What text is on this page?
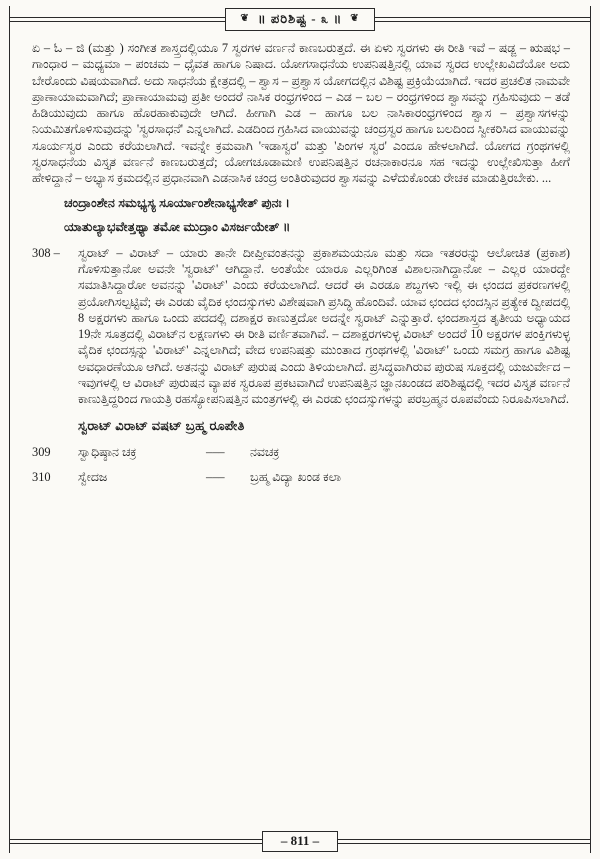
❦ ॥ ಪರಿಶಿಷ್ಟ - ೩ ॥ ❦

ಏ – ಓ – ಜಿ (ಮತ್ತು ) ಸಂಗೀತ ಶಾಸ್ತ್ರದಲ್ಲಿಯೂ 7 ಸ್ವರಗಳ ವರ್ಣನೆ ಕಾಣಬರುತ್ತದೆ. ಈ ಏಳು ಸ್ವರಗಳು ಈ ರೀತಿ ಇವೆ – ಷಡ್ಜ – ಋಷಭ – ಗಾಂಧಾರ – ಮಧ್ಯಮಾ – ಪಂಚಮ – ಧೈವತ ಹಾಗೂ ನಿಷಾದ. ಯೋಗಸಾಧನೆಯ ಉಪನಿಷತ್ತಿನಲ್ಲಿ ಯಾವ ಸ್ವರದ ಉಲ್ಲೇಖವಿದೆಯೋ ಅದು ಬೇರೊಂದು ವಿಷಯವಾಗಿದೆ. ಅದು ಸಾಧನೆಯ ಕ್ಷೇತ್ರದಲ್ಲಿ – ಶ್ವಾಸ – ಪ್ರಶ್ವಾಸ ಯೋಗದಲ್ಲಿನ ವಿಶಿಷ್ಟ ಪ್ರಕ್ರಿಯೆಯಾಗಿದೆ. ಇದರ ಪ್ರಚಲಿತ ನಾಮವೇ ಪ್ರಾಣಾಯಾಮವಾಗಿದೆ; ಪ್ರಾಣಾಯಾಮವು ಪ್ರತೀ ಅಂದರೆ ನಾಸಿಕ ರಂಧ್ರಗಳಿಂದ – ಎಡ – ಬಲ – ರಂಧ್ರಗಳಿಂದ ಶ್ವಾಸವನ್ನು ಗ್ರಹಿಸುವುದು – ತಡೆ ಹಿಡಿಯುವುದು ಹಾಗೂ ಹೊರಹಾಕುವುದೇ ಆಗಿದೆ. ಹೀಗಾಗಿ ಎಡ – ಹಾಗೂ ಬಲ ನಾಸಿಕಾರಂಧ್ರಗಳಿಂದ ಶ್ವಾಸ – ಪ್ರಶ್ವಾಸಗಳನ್ನು ನಿಯಮಿತಗೊಳಿಸುವುದನ್ನು 'ಸ್ವರಸಾಧನೆ' ಎನ್ನಲಾಗಿದೆ. ಎಡದಿಂದ ಗ್ರಹಿಸಿದ ವಾಯುವನ್ನು ಚಂದ್ರಸ್ವರ ಹಾಗೂ ಬಲದಿಂದ ಸ್ವೀಕರಿಸಿದ ವಾಯುವನ್ನು ಸೂರ್ಯಸ್ವರ ಎಂದು ಕರೆಯಲಾಗಿದೆ. ಇವನ್ನೇ ಕ್ರಮವಾಗಿ 'ಇಡಾಸ್ವರ' ಮತ್ತು 'ಪಿಂಗಳ ಸ್ವರ' ಎಂದೂ ಹೇಳಲಾಗಿದೆ. ಯೋಗದ ಗ್ರಂಥಗಳಲ್ಲಿ ಸ್ವರಸಾಧನೆಯ ವಿಸ್ತೃತ ವರ್ಣನೆ ಕಾಣಬರುತ್ತದೆ; ಯೋಗಚೂಡಾಮಣಿ ಉಪನಿಷತ್ತಿನ ರಚನಾಕಾರನೂ ಸಹ ಇದನ್ನು ಉಲ್ಲೇಖಿಸುತ್ತಾ ಹೀಗೆ ಹೇಳಿದ್ದಾನೆ – ಅಭ್ಯಾಸ ಕ್ರಮದಲ್ಲಿನ ಪ್ರಧಾನವಾಗಿ ಎಡನಾಸಿಕ ಚಂದ್ರ ಅಂತಿರುವುದರ ಶ್ವಾಸವನ್ನು ಎಳೆದುಕೊಂಡು ರೇಚಕ ಮಾಡುತ್ತಿರಬೇಕು. ...

ಚಂದ್ರಾಂಶೇನ ಸಮಭ್ಯಸ್ಯ ಸೂರ್ಯಾಂಶೇನಾಭ್ಯಸೇತ್ ಪುನಃ ।

ಯಾತುಲ್ಯಾಭವೇತ್ತಥ್ಯಾ ತಮೋ ಮುದ್ರಾಂ ವಿಸರ್ಜಯೇತ್ ॥

308 –	ಸ್ವರಾಟ್ – ವಿರಾಟ್ – ಯಾರು ತಾನೇ ದೀಪ್ತೀವಂತನನ್ನು ಪ್ರಕಾಶಮಯನೂ ಮತ್ತು ಸದಾ ಇತರರನ್ನು ಆಲೋಚಿತ (ಪ್ರಕಾಶ) ಗೊಳಿಸುತ್ತಾನೋ ಅವನೇ 'ಸ್ವರಾಟ್' ಆಗಿದ್ದಾನೆ. ಅಂತೆಯೇ ಯಾರೂ ಎಲ್ಲರಿಗಿಂತ ವಿಶಾಲನಾಗಿದ್ದಾನೋ – ಎಲ್ಲರ ಯಾರದ್ದೇ ಸಮಾತಿಸಿದ್ದಾರೋ ಅವನನ್ನು 'ವಿರಾಟ್' ಎಂದು ಕರೆಯಲಾಗಿದೆ. ಆದರೆ ಈ ಎರಡೂ ಶಬ್ದಗಳು ಇಲ್ಲಿ ಈ ಛಂದದ ಪ್ರಕರಣಗಳಲ್ಲಿ ಪ್ರಯೋಗಿಸಲ್ಪಟ್ಟಿವೆ; ಈ ಎರಡು ವೈದಿಕ ಛಂದಸ್ಸುಗಳು ವಿಶೇಷವಾಗಿ ಪ್ರಸಿದ್ಧಿ ಹೊಂದಿವೆ. ಯಾವ ಛಂದದ ಛಂದಸ್ಸಿನ ಪ್ರತ್ಯೇಕ ದ್ವೀಪದಲ್ಲಿ 8 ಅಕ್ಷರಗಳು ಹಾಗೂ ಒಂದು ಪದದಲ್ಲಿ ದಶಾಕ್ಷರ ಕಾಣುತ್ತದೋ ಅದನ್ನೇ ಸ್ವರಾಟ್ ಎನ್ನುತ್ತಾರೆ. ಛಂದಶಾಸ್ತ್ರದ ತೃತೀಯ ಅಧ್ಯಾಯದ 19ನೇ ಸೂತ್ರದಲ್ಲಿ ವಿರಾಟ್‌ನ ಲಕ್ಷಣಗಳು ಈ ರೀತಿ ವರ್ಣಿತವಾಗಿವೆ. – ದಶಾಕ್ಷರಗಳುಳ್ಳ ವಿರಾಟ್ ಅಂದರೆ 10 ಅಕ್ಷರಗಳ ಪಂಕ್ತಿಗಳುಳ್ಳ ವೈದಿಕ ಛಂದಸ್ಸನ್ನು 'ವಿರಾಟ್' ಎನ್ನಲಾಗಿದೆ; ವೇದ ಉಪನಿಷತ್ತು ಮುಂತಾದ ಗ್ರಂಥಗಳಲ್ಲಿ 'ವಿರಾಟ್' ಒಂದು ಸಮಗ್ರ ಹಾಗೂ ವಿಶಿಷ್ಟ ಅವಧಾರಣೆಯೂ ಆಗಿದೆ. ಅತನನ್ನು ವಿರಾಟ್ ಪುರುಷ ಎಂದು ತಿಳಿಯಲಾಗಿದೆ. ಪ್ರಸಿದ್ಧವಾಗಿರುವ ಪುರುಷ ಸೂಕ್ತದಲ್ಲಿ ಯಜುರ್ವೇದ – ಇವುಗಳಲ್ಲಿ ಆ ವಿರಾಟ್ ಪುರುಷನ ವ್ಯಾಪಕ ಸ್ವರೂಪ ಪ್ರಕಟವಾಗಿದೆ ಉಪನಿಷತ್ತಿನ ಜ್ಞಾನಖಂಡದ ಪರಿಶಿಷ್ಟದಲ್ಲಿ ಇದರ ವಿಸ್ತೃತ ವರ್ಣನೆ ಕಾಣುತ್ತಿದ್ದರಿಂದ ಗಾಯತ್ರಿ ರಹಸ್ಯೋಪನಿಷತ್ತಿನ ಮಂತ್ರಗಳಲ್ಲಿ ಈ ಎರಡು ಛಂದಸ್ಸುಗಳನ್ನು ಪರಬ್ರಹ್ಮನ ರೂಪವೆಂದು ನಿರೂಪಿಸಲಾಗಿದೆ.

ಸ್ವರಾಟ್ ವಿರಾಟ್ ವಷಟ್ ಬ್ರಹ್ಮ ರೂಪೇತಿ
309	ಸ್ವಾಧಿಷ್ಠಾನ ಚಕ್ರ	–––	ನವಚಕ್ರ
310	ಸ್ವೇದಜ	–––	ಬ್ರಹ್ಮ ವಿದ್ಯಾ ಖಂಡ ಕಲಾ
– 811 –
